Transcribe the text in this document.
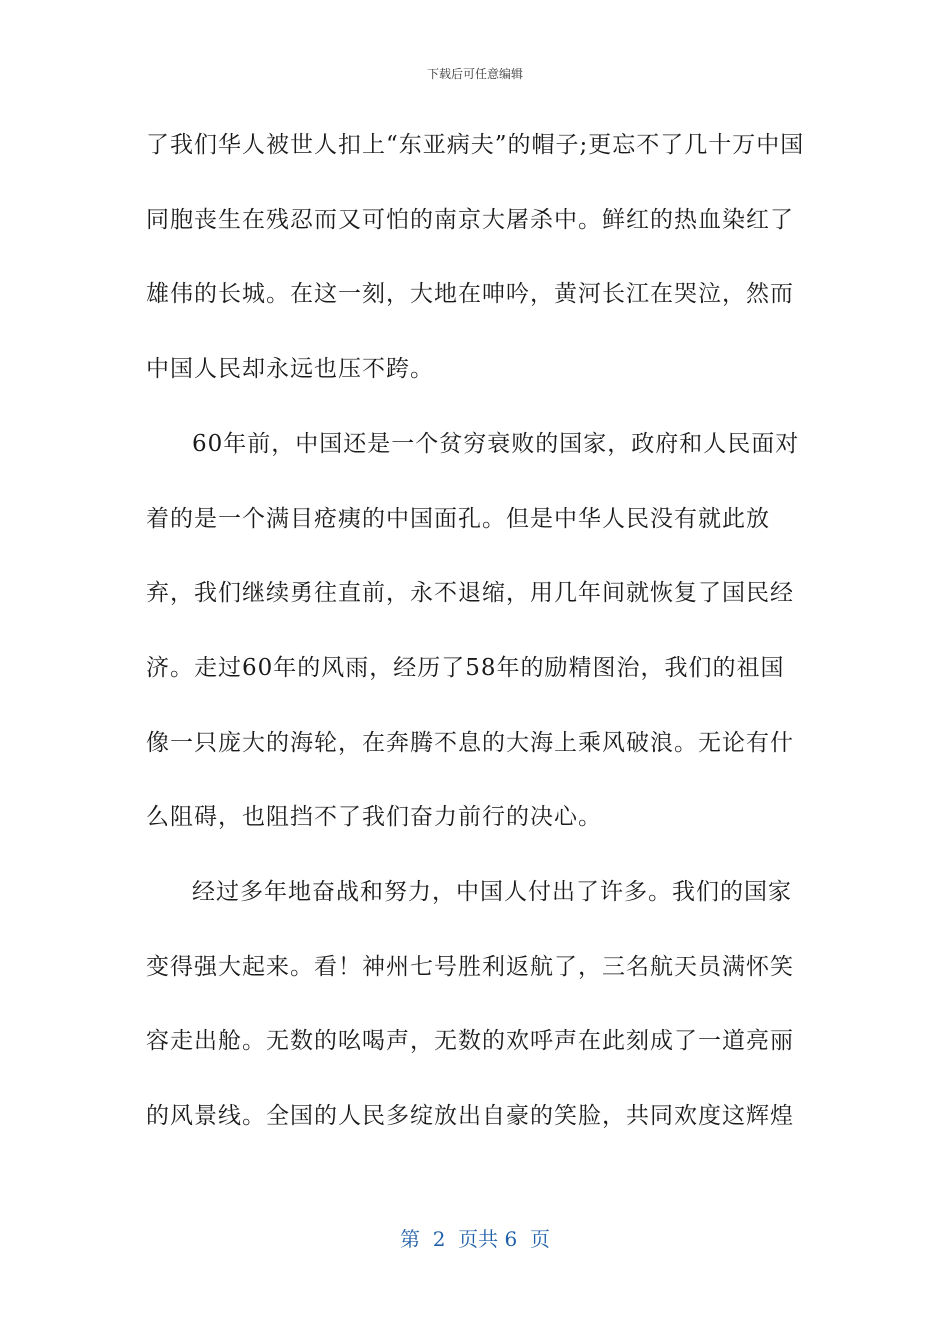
下载后可任意编辑

了我们华人被世人扣上“东亚病夫”的帽子;更忘不了几十万中国同胞丧生在残忍而又可怕的南京大屠杀中。鲜红的热血染红了雄伟的长城。在这一刻，大地在呻吟，黄河长江在哭泣，然而中国人民却永远也压不跨。

60年前，中国还是一个贫穷衰败的国家，政府和人民面对着的是一个满目疮痍的中国面孔。但是中华人民没有就此放弃，我们继续勇往直前，永不退缩，用几年间就恢复了国民经济。走过60年的风雨，经历了58年的励精图治，我们的祖国像一只庞大的海轮，在奔腾不息的大海上乘风破浪。无论有什么阻碍，也阻挡不了我们奋力前行的决心。

经过多年地奋战和努力，中国人付出了许多。我们的国家变得强大起来。看！神州七号胜利返航了，三名航天员满怀笑容走出舱。无数的吆喝声，无数的欢呼声在此刻成了一道亮丽的风景线。全国的人民多绽放出自豪的笑脸，共同欢度这辉煌

第  2  页共 6  页
